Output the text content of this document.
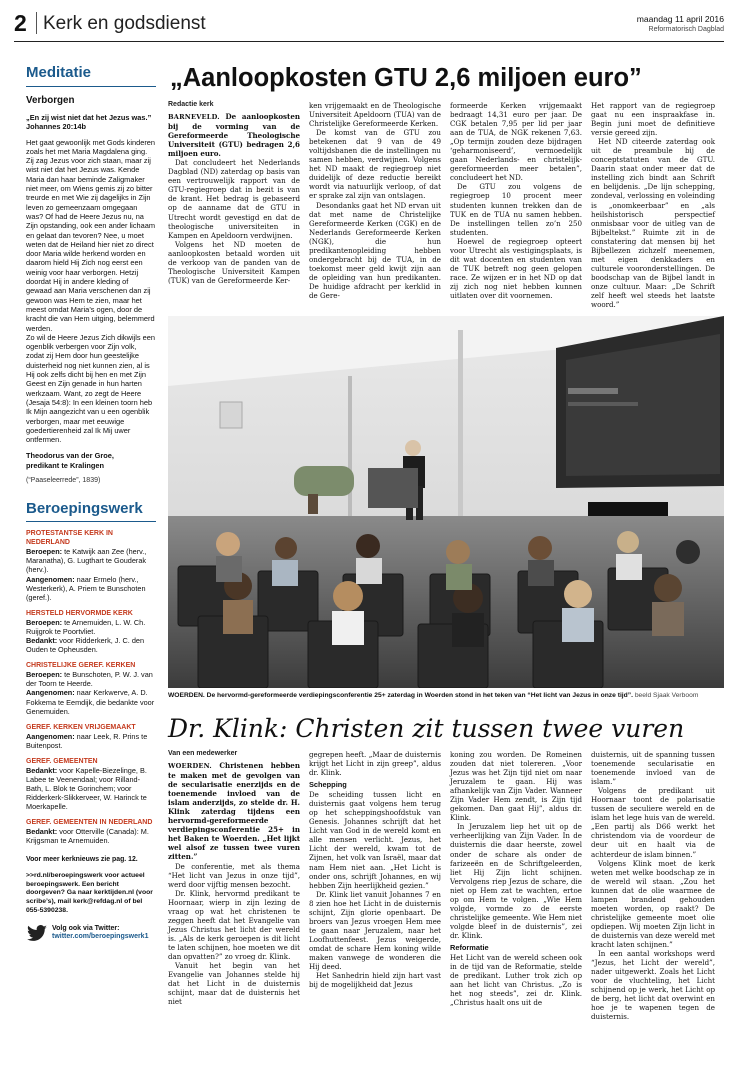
2 Kerk en godsdienst	maandag 11 april 2016
Reformatorisch Dagblad
Meditatie
Verborgen

„En zij wist niet dat het Jezus was.”

Johannes 20:14b

Het gaat gewoonlijk met Gods kinderen zoals het met Maria Magdalena ging. Zij zag Jezus voor zich staan, maar zij wist niet dat het Jezus was. Kende Maria dan haar beminde Zaligmaker niet meer, om Wiens gemis zij zo bitter treurde en met Wie zij dagelijks in Zijn leven zo gemeenzaam omgegaan was? Of had de Heere Jezus nu, na Zijn opstanding, ook een ander lichaam en gelaat dan tevoren? Nee, u moet weten dat de Heiland hier niet zo direct door Maria wilde herkend worden en daarom hield Hij Zich nog eerst een weinig voor haar verborgen. Hetzij doordat Hij in andere kleding of gewaad aan Maria verschenen dan zij gewoon was Hem te zien, maar het meest omdat Maria’s ogen, door de kracht die van Hem uitging, belemmerd werden.

Zo wil de Heere Jezus Zich dikwijls een ogenblik verbergen voor Zijn volk, zodat zij Hem door hun geestelijke duisterheid nog niet kunnen zien, al is Hij ook zelfs dicht bij hen en met Zijn Geest en Zijn genade in hun harten werkzaam. Want, zo zegt de Heere (Jesaja 54:8): In een kleinen toorn heb Ik Mijn aangezicht van u een ogenblik verborgen, maar met eeuwige goedertierenheid zal Ik Mij uwer ontfermen.

Theodorus van der Groe,

predikant te Kralingen

(“Paaseleerrede”, 1839)

Beroepingswerk
PROTESTANTSE KERK IN NEDERLAND
Beroepen: te Katwijk aan Zee (herv., Maranatha), G. Lugthart te Gouderak (herv.).
Aangenomen: naar Ermelo (herv., Westerkerk), A. Priem te Bunschoten (geref.).
HERSTELD HERVORMDE KERK
Beroepen: te Arnemuiden, L. W. Ch. Ruijgrok te Poortvliet.
Bedankt: voor Ridderkerk, J. C. den Ouden te Opheusden.
CHRISTELIJKE GEREF. KERKEN
Beroepen: te Bunschoten, P. W. J. van der Toorn te Heerde.
Aangenomen: naar Kerkwerve, A. D. Fokkema te Eemdijk, die bedankte voor Genemuiden.
GEREF. KERKEN VRIJGEMAAKT
Aangenomen: naar Leek, R. Prins te Buitenpost.
GEREF. GEMEENTEN
Bedankt: voor Kapelle-Biezelinge, B. Labee te Veenendaal; voor Rilland-Bath, L. Blok te Gorinchem; voor Ridderkerk-Slikkerveer, W. Harinck te Moerkapelle.
GEREF. GEMEENTEN IN NEDERLAND
Bedankt: voor Otterville (Canada): M. Krijgsman te Arnemuiden.

Voor meer kerknieuws zie pag. 12.

>>rd.nl/beroepingswerk voor actueel beroepingswerk. Een bericht doorgeven? Ga naar kerktijden.nl (voor scribe’s), mail kerk@refdag.nl of bel 055-5390238.

Volg ook via Twitter:

twitter.com/beroepingswerk1

„Aanloopkosten GTU 2,6 miljoen euro”
Redactie kerk

BARNEVELD. De aanloopkosten bij de vorming van de Gereformeerde Theologische Universiteit (GTU) bedragen 2,6 miljoen euro.

Dat concludeert het Nederlands Dagblad (ND) zaterdag op basis van een vertrouwelijk rapport van de GTU-regiegroep dat in bezit is van de krant. Het bedrag is gebaseerd op de aanname dat de GTU in Utrecht wordt gevestigd en dat de theologische universiteiten in Kampen en Apeldoorn verdwijnen.

Volgens het ND moeten de aanloopkosten betaald worden uit de verkoop van de panden van de Theologische Universiteit Kampen (TUK) van de Gereformeerde Ker-

ken vrijgemaakt en de Theologische Universiteit Apeldoorn (TUA) van de Christelijke Gereformeerde Kerken.

De komst van de GTU zou betekenen dat 9 van de 49 voltijdsbanen die de instellingen nu samen hebben, verdwijnen. Volgens het ND maakt de regiegroep niet duidelijk of deze reductie bereikt wordt via natuurlijk verloop, of dat er sprake zal zijn van ontslagen.

Desondanks gaat het ND ervan uit dat met name de Christelijke Gereformeerde Kerken (CGK) en de Nederlands Gereformeerde Kerken (NGK), die hun predikantenopleiding hebben ondergebracht bij de TUA, in de toekomst meer geld kwijt zijn aan de opleiding van hun predikanten. De huidige afdracht per kerklid in de Gere-

formeerde Kerken vrijgemaakt bedraagt 14,31 euro per jaar. De CGK betalen 7,95 per lid per jaar aan de TUA, de NGK rekenen 7,63. „Op termijn zouden deze bijdragen ‘geharmoniseerd’, vermoedelijk gaan Nederlands- en christelijk-gereformeerden meer betalen”, concludeert het ND.

De GTU zou volgens de regiegroep 10 procent meer studenten kunnen trekken dan de TUK en de TUA nu samen hebben. De instellingen tellen zo’n 250 studenten.

Hoewel de regiegroep opteert voor Utrecht als vestigingsplaats, is dit wat docenten en studenten van de TUK betreft nog geen gelopen race. Ze wijzen er in het ND op dat zij zich nog niet hebben kunnen uitlaten over dit voornemen.

Het rapport van de regiegroep gaat nu een inspraakfase in. Begin juni moet de definitieve versie gereed zijn.

Het ND citeerde zaterdag ook uit de preambule bij de conceptstatuten van de GTU. Daarin staat onder meer dat de instelling zich bindt aan Schrift en belijdenis. „De lijn schepping, zondeval, verlossing en voleinding is „onomkeerbaar” en „als heilshistorisch perspectief onmisbaar voor de uitleg van de Bijbeltekst.” Ruimte zit in de constatering dat mensen bij het Bijbellezen zichzelf meenemen, met eigen denkkaders en culturele vooronderstellingen. De boodschap van de Bijbel landt in onze cultuur. Maar: „De Schrift zelf heeft wel steeds het laatste woord.”

WOERDEN. De hervormd-gereformeerde verdiepingsconferentie 25+ zaterdag in Woerden stond in het teken van “Het licht van Jezus in onze tijd”. beeld Sjaak Verboom
Dr. Klink: Christen zit tussen twee vuren
Van een medewerker

WOERDEN. Christenen hebben te maken met de gevolgen van de secularisatie enerzijds en de toenemende invloed van de islam anderzijds, zo stelde dr. H. Klink zaterdag tijdens een hervormd-gereformeerde verdiepingsconferentie 25+ in het Baken te Woerden. „Het lijkt wel alsof ze tussen twee vuren zitten.”

De conferentie, met als thema “Het licht van Jezus in onze tijd”, werd door vijftig mensen bezocht.

Dr. Klink, hervormd predikant te Hoornaar, wierp in zijn lezing de vraag op wat het christenen te zeggen heeft dat het Evangelie van Jezus Christus het licht der wereld is. „Als de kerk geroepen is dit licht te laten schijnen, hoe moeten we dit dan opvatten?” zo vroeg dr. Klink.

Vanuit het begin van het Evangelie van Johannes stelde hij dat het Licht in de duisternis schijnt, maar dat de duisternis het niet

gegrepen heeft. „Maar de duisternis krijgt het Licht in zijn greep”, aldus dr. Klink.

Schepping

De scheiding tussen licht en duisternis gaat volgens hem terug op het scheppingshoofdstuk van Genesis. Johannes schrijft dat het Licht van God in de wereld komt en alle mensen verlicht. Jezus, het Licht der wereld, kwam tot de Zijnen, het volk van Israël, maar dat nam Hem niet aan. „Het Licht is onder ons, schrijft Johannes, en wij hebben Zijn heerlijkheid gezien.”

Dr. Klink liet vanuit Johannes 7 en 8 zien hoe het Licht in de duisternis schijnt, Zijn glorie openbaart. De broers van Jezus vroegen Hem mee te gaan naar Jeruzalem, naar het Loofhuttenfeest. Jezus weigerde, omdat de schare Hem koning wilde maken vanwege de wonderen die Hij deed.

Het Sanhedrin hield zijn hart vast bij de mogelijkheid dat Jezus

koning zou worden. De Romeinen zouden dat niet tolereren. „Voor Jezus was het Zijn tijd niet om naar Jeruzalem te gaan. Hij was afhankelijk van Zijn Vader. Wanneer Zijn Vader Hem zendt, is Zijn tijd gekomen. Dan gaat Hij”, aldus dr. Klink.

In Jeruzalem liep het uit op de verheerlijking van Zijn Vader. In de duisternis die daar heerste, zowel onder de schare als onder de farizeeën en de Schriftgeleerden, liet Hij Zijn licht schijnen. Vervolgens riep Jezus de schare, die niet op Hem zat te wachten, ertoe op om Hem te volgen. „Wie Hem volgde, vormde zo de eerste christelijke gemeente. Wie Hem niet volgde bleef in de duisternis”, zei dr. Klink.

Reformatie

Het Licht van de wereld scheen ook in de tijd van de Reformatie, stelde de predikant. Luther trok zich op aan het licht van Christus. „Zo is het nog steeds”, zei dr. Klink. „Christus haalt ons uit de

duisternis, uit de spanning tussen toenemende secularisatie en toenemende invloed van de islam.”

Volgens de predikant uit Hoornaar toont de polarisatie tussen de seculiere wereld en de islam het lege huis van de wereld. „Een partij als D66 werkt het christendom via de voordeur de deur uit en haalt via de achterdeur de islam binnen.”

Volgens Klink moet de kerk weten met welke boodschap ze in de wereld wil staan. „Zou het kunnen dat de olie waarmee de lampen brandend gehouden moeten worden, op raakt? De christelijke gemeente moet olie opdiepen. Wij moeten Zijn licht in de duisternis van deze wereld met kracht laten schijnen.”

In een aantal workshops werd “Jezus, het Licht der wereld”, nader uitgewerkt. Zoals het Licht voor de vluchteling, het Licht schijnend op je werk, het Licht op de berg, het licht dat overwint en hoe je te wapenen tegen de duisternis.
